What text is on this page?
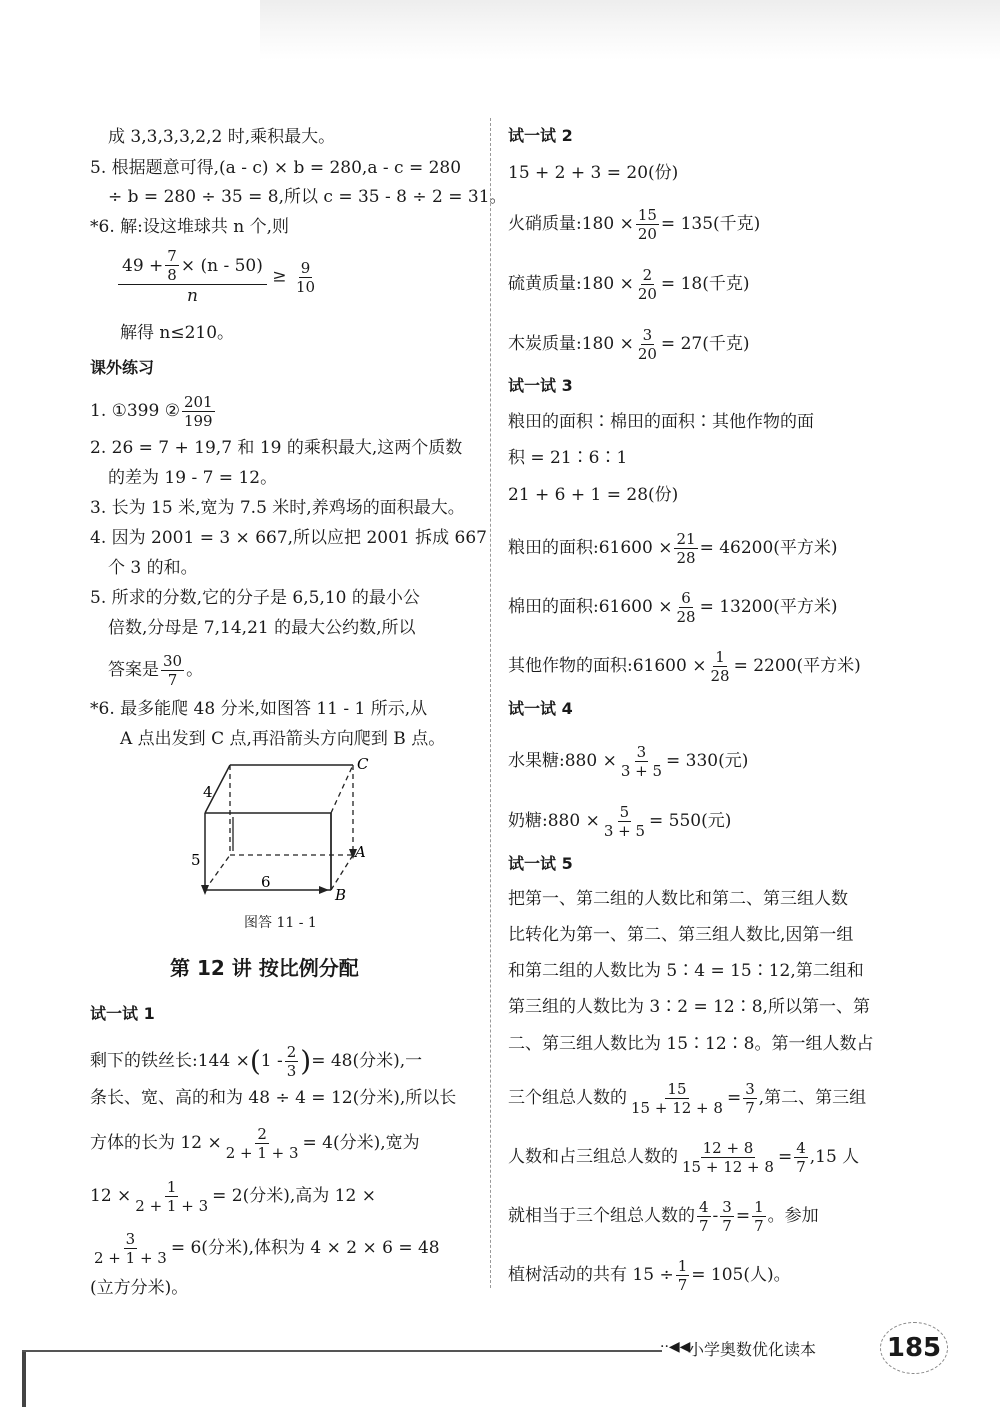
成 3,3,3,3,2,2 时,乘积最大。
5. 根据题意可得,(a - c) × b = 280,a - c = 280
÷ b = 280 ÷ 35 = 8,所以 c = 35 - 8 ÷ 2 = 31。
*6. 解:设这堆球共 n 个,则
$\frac{49 + \frac{7}{8} \times (n - 50)}{n} \ge \frac{9}{10}$
解得 n≤210。
课外练习
1. ①399 ② $\frac{201}{199}$
2. 26 = 7 + 19,7 和 19 的乘积最大,这两个质数
的差为 19 - 7 = 12。
3. 长为 15 米,宽为 7.5 米时,养鸡场的面积最大。
4. 因为 2001 = 3 × 667,所以应把 2001 拆成 667
个 3 的和。
5. 所求的分数,它的分子是 6,5,10 的最小公
倍数,分母是 7,14,21 的最大公约数,所以
答案是 $\frac{30}{7}$ 。
*6. 最多能爬 48 分米,如图答 11 - 1 所示,从
A 点出发到 C 点,再沿箭头方向爬到 B 点。
C
A
B
4
5
6
图答 11 - 1
第 12 讲 按比例分配
试一试 1
剩下的铁丝长:144 $\times(1 - \frac{2}{3}$ )= 48(分米),一
条长、宽、高的和为 48 ÷ 4 = 12(分米),所以长
方体的长为 $12 \times \frac{2}{2 + 1 + 3} = 4$(分米),宽为
$12 \times \frac{1}{2 + 1 + 3} = 2$(分米),高为 12 ×
$\frac{3}{2 + 1 + 3} = 6$(分米),体积为 4 × 2 × 6 = 48
(立方分米)。
试一试 2
15 + 2 + 3 = 20(份)
火硝质量:180 × $\frac{15}{20} = 135$(千克)
硫黄质量:180 × $\frac{2}{20} = 18$(千克)
木炭质量:180 × $\frac{3}{20} = 27$(千克)
试一试 3
粮田的面积∶棉田的面积∶其他作物的面
积 = 21∶6∶1
21 + 6 + 1 = 28(份)
粮田的面积:61600 × $\frac{21}{28} = 46200$(平方米)
棉田的面积:61600 × $\frac{6}{28} = 13200$(平方米)
其他作物的面积:61600 × $\frac{1}{28} = 2200$(平方米)
试一试 4
水果糖:880 × $\frac{3}{3 + 5} = 330$(元)
奶糖:880 × $\frac{5}{3 + 5} = 550$(元)
试一试 5
把第一、第二组的人数比和第二、第三组人数
比转化为第一、第二、第三组人数比,因第一组
和第二组的人数比为 5∶4 = 15∶12,第二组和
第三组的人数比为 3∶2 = 12∶8,所以第一、第
二、第三组人数比为 15∶12∶8。第一组人数占
三个组总人数的 $\frac{15}{15 + 12 + 8} = \frac{3}{7}$ ,第二、第三组
人数和占三组总人数的 $\frac{12 + 8}{15 + 12 + 8} = \frac{4}{7} ,15$ 人
就相当于三个组总人数的 $\frac{4}{7} - \frac{3}{7} = \frac{1}{7}$ 。参加
植树活动的共有 $15 \div \frac{1}{7} = 105$(人)。
··◀◀
小学奥数优化读本	185
